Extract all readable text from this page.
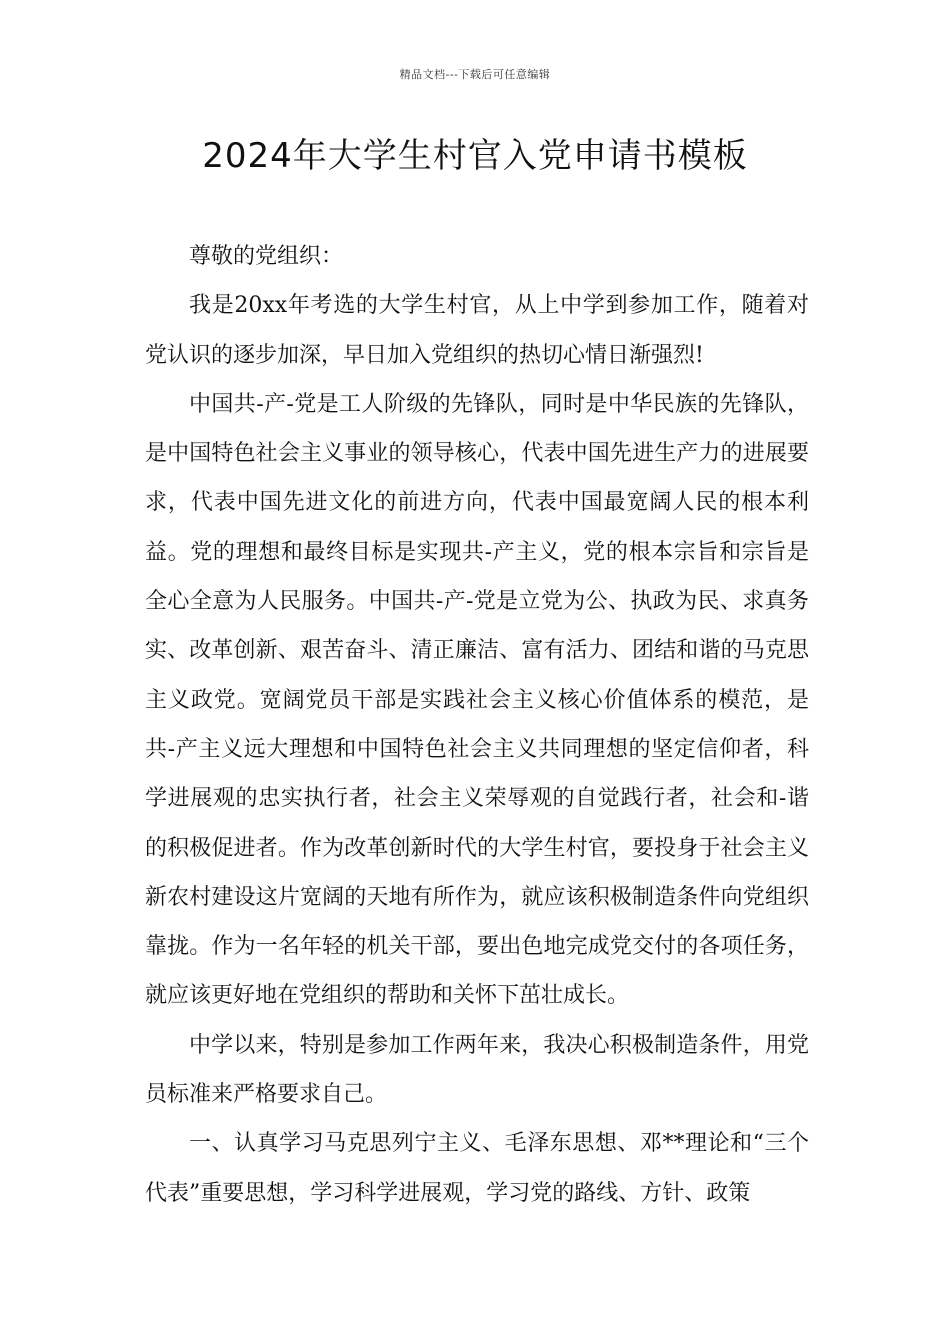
精品文档---下载后可任意编辑
2024年大学生村官入党申请书模板

尊敬的党组织：

我是20xx年考选的大学生村官，从上中学到参加工作，随着对党认识的逐步加深，早日加入党组织的热切心情日渐强烈!

中国共-产-党是工人阶级的先锋队，同时是中华民族的先锋队，是中国特色社会主义事业的领导核心，代表中国先进生产力的进展要求，代表中国先进文化的前进方向，代表中国最宽阔人民的根本利益。党的理想和最终目标是实现共-产主义，党的根本宗旨和宗旨是全心全意为人民服务。中国共-产-党是立党为公、执政为民、求真务实、改革创新、艰苦奋斗、清正廉洁、富有活力、团结和谐的马克思主义政党。宽阔党员干部是实践社会主义核心价值体系的模范，是共-产主义远大理想和中国特色社会主义共同理想的坚定信仰者，科学进展观的忠实执行者，社会主义荣辱观的自觉践行者，社会和-谐的积极促进者。作为改革创新时代的大学生村官，要投身于社会主义新农村建设这片宽阔的天地有所作为，就应该积极制造条件向党组织靠拢。作为一名年轻的机关干部，要出色地完成党交付的各项任务，就应该更好地在党组织的帮助和关怀下茁壮成长。

中学以来，特别是参加工作两年来，我决心积极制造条件，用党员标准来严格要求自己。

一、认真学习马克思列宁主义、毛泽东思想、邓**理论和“三个代表”重要思想，学习科学进展观，学习党的路线、方针、政策
